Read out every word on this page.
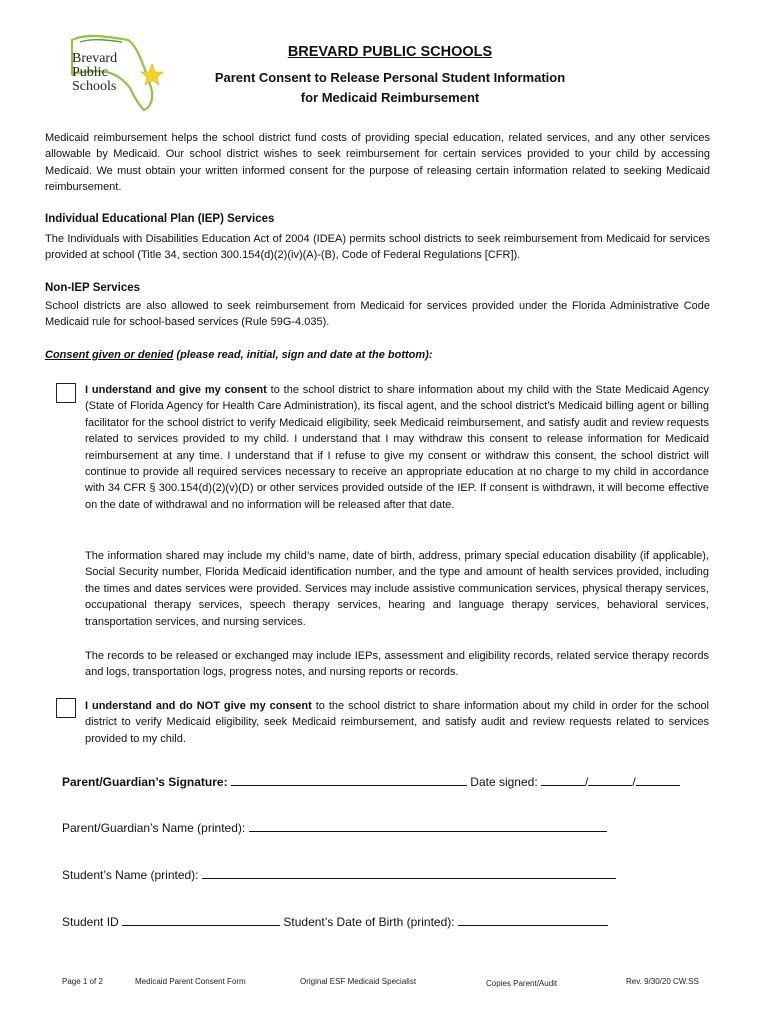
Brevard
Public
Schools

BREVARD PUBLIC SCHOOLS

Parent Consent to Release Personal Student Information

for Medicaid Reimbursement

Medicaid reimbursement helps the school district fund costs of providing special education, related services, and any other services allowable by Medicaid. Our school district wishes to seek reimbursement for certain services provided to your child by accessing Medicaid. We must obtain your written informed consent for the purpose of releasing certain information related to seeking Medicaid reimbursement.

Individual Educational Plan (IEP) Services

The Individuals with Disabilities Education Act of 2004 (IDEA) permits school districts to seek reimbursement from Medicaid for services provided at school (Title 34, section 300.154(d)(2)(iv)(A)-(B), Code of Federal Regulations [CFR]).

Non-IEP Services

School districts are also allowed to seek reimbursement from Medicaid for services provided under the Florida Administrative Code Medicaid rule for school-based services (Rule 59G-4.035).

Consent given or denied (please read, initial, sign and date at the bottom):

I understand and give my consent to the school district to share information about my child with the State Medicaid Agency (State of Florida Agency for Health Care Administration), its fiscal agent, and the school district’s Medicaid billing agent or billing facilitator for the school district to verify Medicaid eligibility, seek Medicaid reimbursement, and satisfy audit and review requests related to services provided to my child. I understand that I may withdraw this consent to release information for Medicaid reimbursement at any time. I understand that if I refuse to give my consent or withdraw this consent, the school district will continue to provide all required services necessary to receive an appropriate education at no charge to my child in accordance with 34 CFR § 300.154(d)(2)(v)(D) or other services provided outside of the IEP. If consent is withdrawn, it will become effective on the date of withdrawal and no information will be released after that date.

The information shared may include my child’s name, date of birth, address, primary special education disability (if applicable), Social Security number, Florida Medicaid identification number, and the type and amount of health services provided, including the times and dates services were provided. Services may include assistive communication services, physical therapy services, occupational therapy services, speech therapy services, hearing and language therapy services, behavioral services, transportation services, and nursing services.

The records to be released or exchanged may include IEPs, assessment and eligibility records, related service therapy records and logs, transportation logs, progress notes, and nursing reports or records.

I understand and do NOT give my consent to the school district to share information about my child in order for the school district to verify Medicaid eligibility, seek Medicaid reimbursement, and satisfy audit and review requests related to services provided to my child.

Parent/Guardian’s Signature:	Date signed:	/	/

Parent/Guardian’s Name (printed):

Student’s Name (printed):

Student ID	Student’s Date of Birth (printed):

Page 1 of 2	Medicaid Parent Consent Form	Original ESF Medicaid Specialist	Copies Parent/Audit	Rev. 9/30/20 CW.SS
